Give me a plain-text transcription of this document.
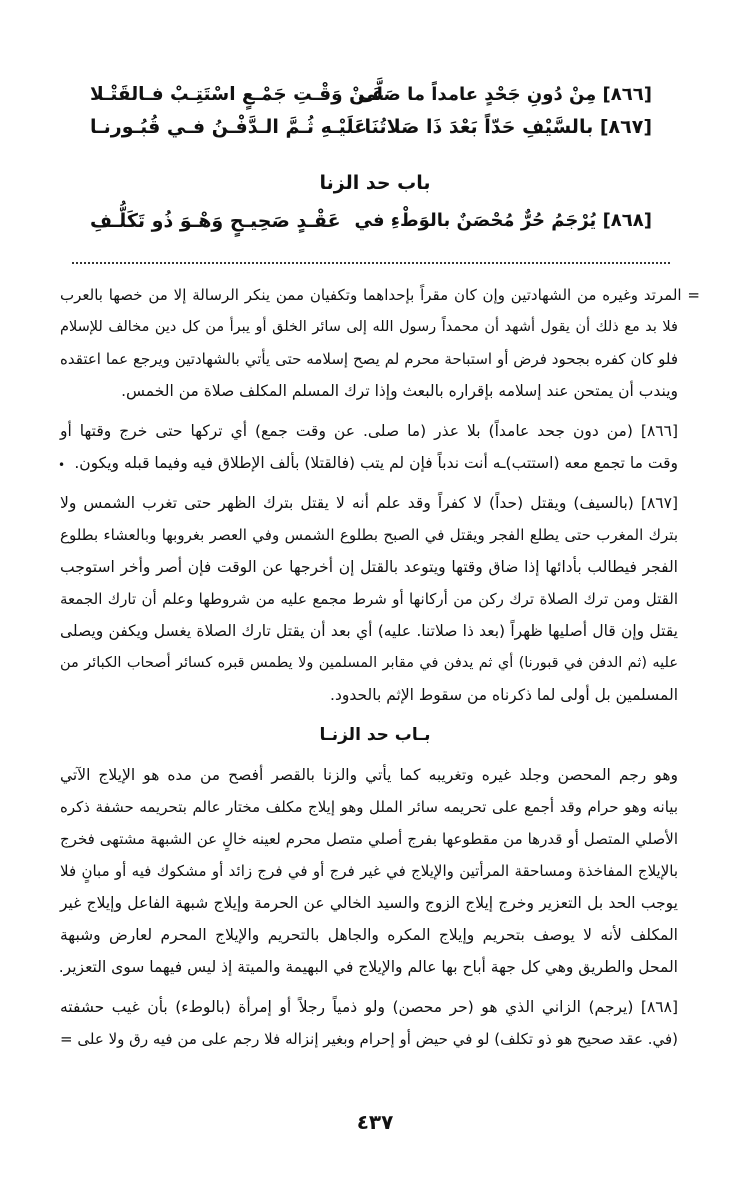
[٨٦٦] مِنْ دُونِ جَحْدٍ عامداً ما صَلَّى
عَـنْ وَقْـتِ جَمْـعٍ اسْتَتِـبْ فـالقَتْـلا
[٨٦٧] بالسَّيْفِ حَدّاً بَعْدَ ذَا صَلاتُنَا
عَلَيْـهِ ثُـمَّ الـدَّفْـنُ فـي قُبُـورنـا
باب حد الزنا
[٨٦٨] يُرْجَمُ حُرٌّ مُحْصَنٌ بالوَطْءِ في
عَقْـدٍ صَحِيـحٍ وَهْـوَ ذُو تَكَلُّـفِ
= المرتد وغيره من الشهادتين وإن كان مقراً بإحداهما وتكفيان ممن ينكر الرسالة إلا من خصها بالعرب
فلا بد مع ذلك أن يقول أشهد أن محمداً رسول الله إلى سائر الخلق أو يبرأ من كل دين مخالف للإسلام
فلو كان كفره بجحود فرض أو استباحة محرم لم يصح إسلامه حتى يأتي بالشهادتين ويرجع عما اعتقده
ويندب أن يمتحن عند إسلامه بإقراره بالبعث وإذا ترك المسلم المكلف صلاة من الخمس.
[٨٦٦] (من دون جحد عامداً) بلا عذر (ما صلى. عن وقت جمع) أي تركها حتى خرج وقتها أو
وقت ما تجمع معه (استتب)ـه أنت ندباً فإن لم يتب (فالقتلا) بألف الإطلاق فيه وفيما قبله ويكون.
•
[٨٦٧] (بالسيف) ويقتل (حداً) لا كفراً وقد علم أنه لا يقتل بترك الظهر حتى تغرب الشمس ولا
بترك المغرب حتى يطلع الفجر ويقتل في الصبح بطلوع الشمس وفي العصر بغروبها وبالعشاء بطلوع
الفجر فيطالب بأدائها إذا ضاق وقتها ويتوعد بالقتل إن أخرجها عن الوقت فإن أصر وأخر استوجب
القتل ومن ترك الصلاة ترك ركن من أركانها أو شرط مجمع عليه من شروطها وعلم أن تارك الجمعة
يقتل وإن قال أصليها ظهراً (بعد ذا صلاتنا. عليه) أي بعد أن يقتل تارك الصلاة يغسل ويكفن ويصلى
عليه (ثم الدفن في قبورنا) أي ثم يدفن في مقابر المسلمين ولا يطمس قبره كسائر أصحاب الكبائر من
المسلمين بل أولى لما ذكرناه من سقوط الإثم بالحدود.
بـاب حد الزنـا
وهو رجم المحصن وجلد غيره وتغريبه كما يأتي والزنا بالقصر أفصح من مده هو الإيلاج الآتي
بيانه وهو حرام وقد أجمع على تحريمه سائر الملل وهو إيلاج مكلف مختار عالم بتحريمه حشفة ذكره
الأصلي المتصل أو قدرها من مقطوعها بفرج أصلي متصل محرم لعينه خالٍ عن الشبهة مشتهى فخرج
بالإيلاج المفاخذة ومساحقة المرأتين والإيلاج في غير فرج أو في فرج زائد أو مشكوك فيه أو مبانٍ فلا
يوجب الحد بل التعزير وخرج إيلاج الزوج والسيد الخالي عن الحرمة وإيلاج شبهة الفاعل وإيلاج غير
المكلف لأنه لا يوصف بتحريم وإيلاج المكره والجاهل بالتحريم والإيلاج المحرم لعارض وشبهة
المحل والطريق وهي كل جهة أباح بها عالم والإيلاج في البهيمة والميتة إذ ليس فيهما سوى التعزير.
[٨٦٨] (يرجم) الزاني الذي هو (حر محصن) ولو ذمياً رجلاً أو إمرأة (بالوطء) بأن غيب حشفته
(في. عقد صحيح هو ذو تكلف) لو في حيض أو إحرام وبغير إنزاله فلا رجم على من فيه رق ولا على =
٤٣٧
